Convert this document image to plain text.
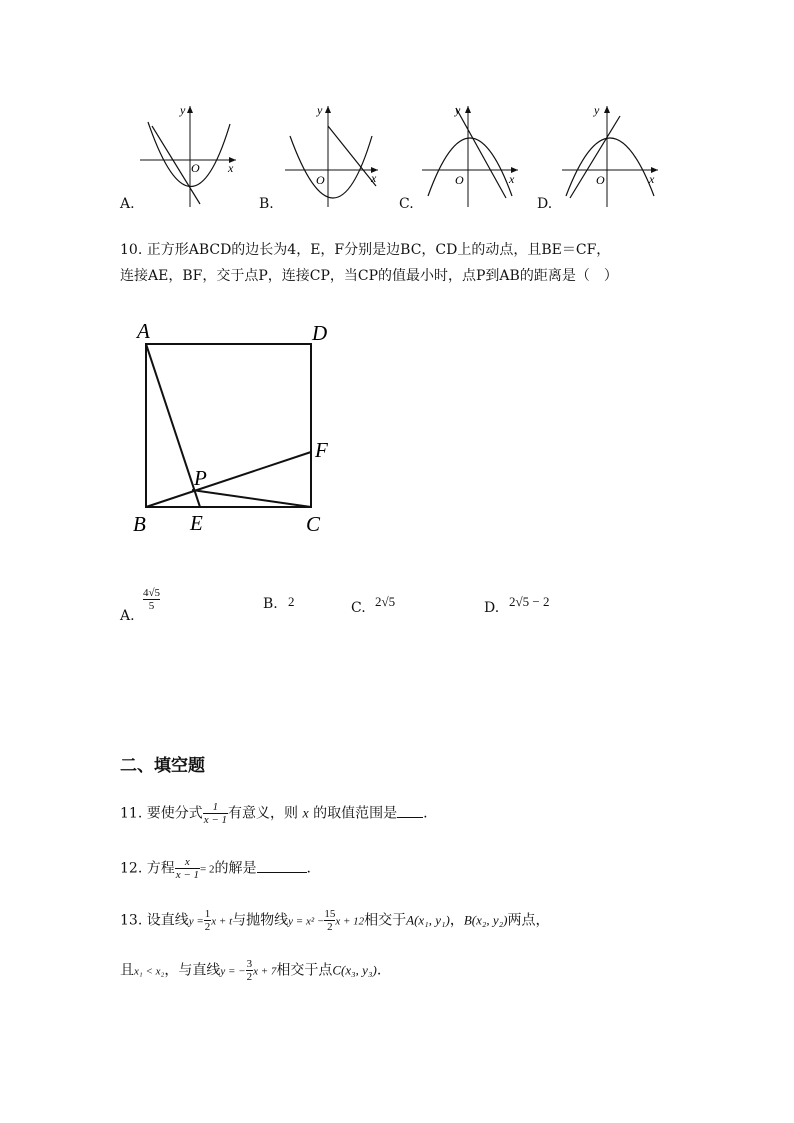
y
x
O
y
x
O
y
x
O
y
x
O
A.	B.	C.	D.
10. 正方形ABCD的边长为4，E，F分别是边BC，CD上的动点，且BE＝CF，
连接AE，BF，交于点P，连接CP，当CP的值最小时，点P到AB的距离是（　）
A	D
F
P
B E	C
A.
$\frac{4√5}{5}$	B. 2	C. 2√5	D. 2√5 − 2
二、填空题
11. 要使分式 $\frac{1}{x - 1}$ 有意义，则 x 的取值范围是 .
12. 方程 $\frac{x}{x - 1} = 2$的解是	.
13. 设直线$y = \frac{1}{2}$ x + t与抛物线$y = x^2 - \frac{15}{2}$ x + 12相交于A(x₁, y₁)，B(x₂, y₂)两点，
且x₁ < x₂，与直线y = − $\frac{3}{2}$ x + 7相交于点C(x₃, y₃).
